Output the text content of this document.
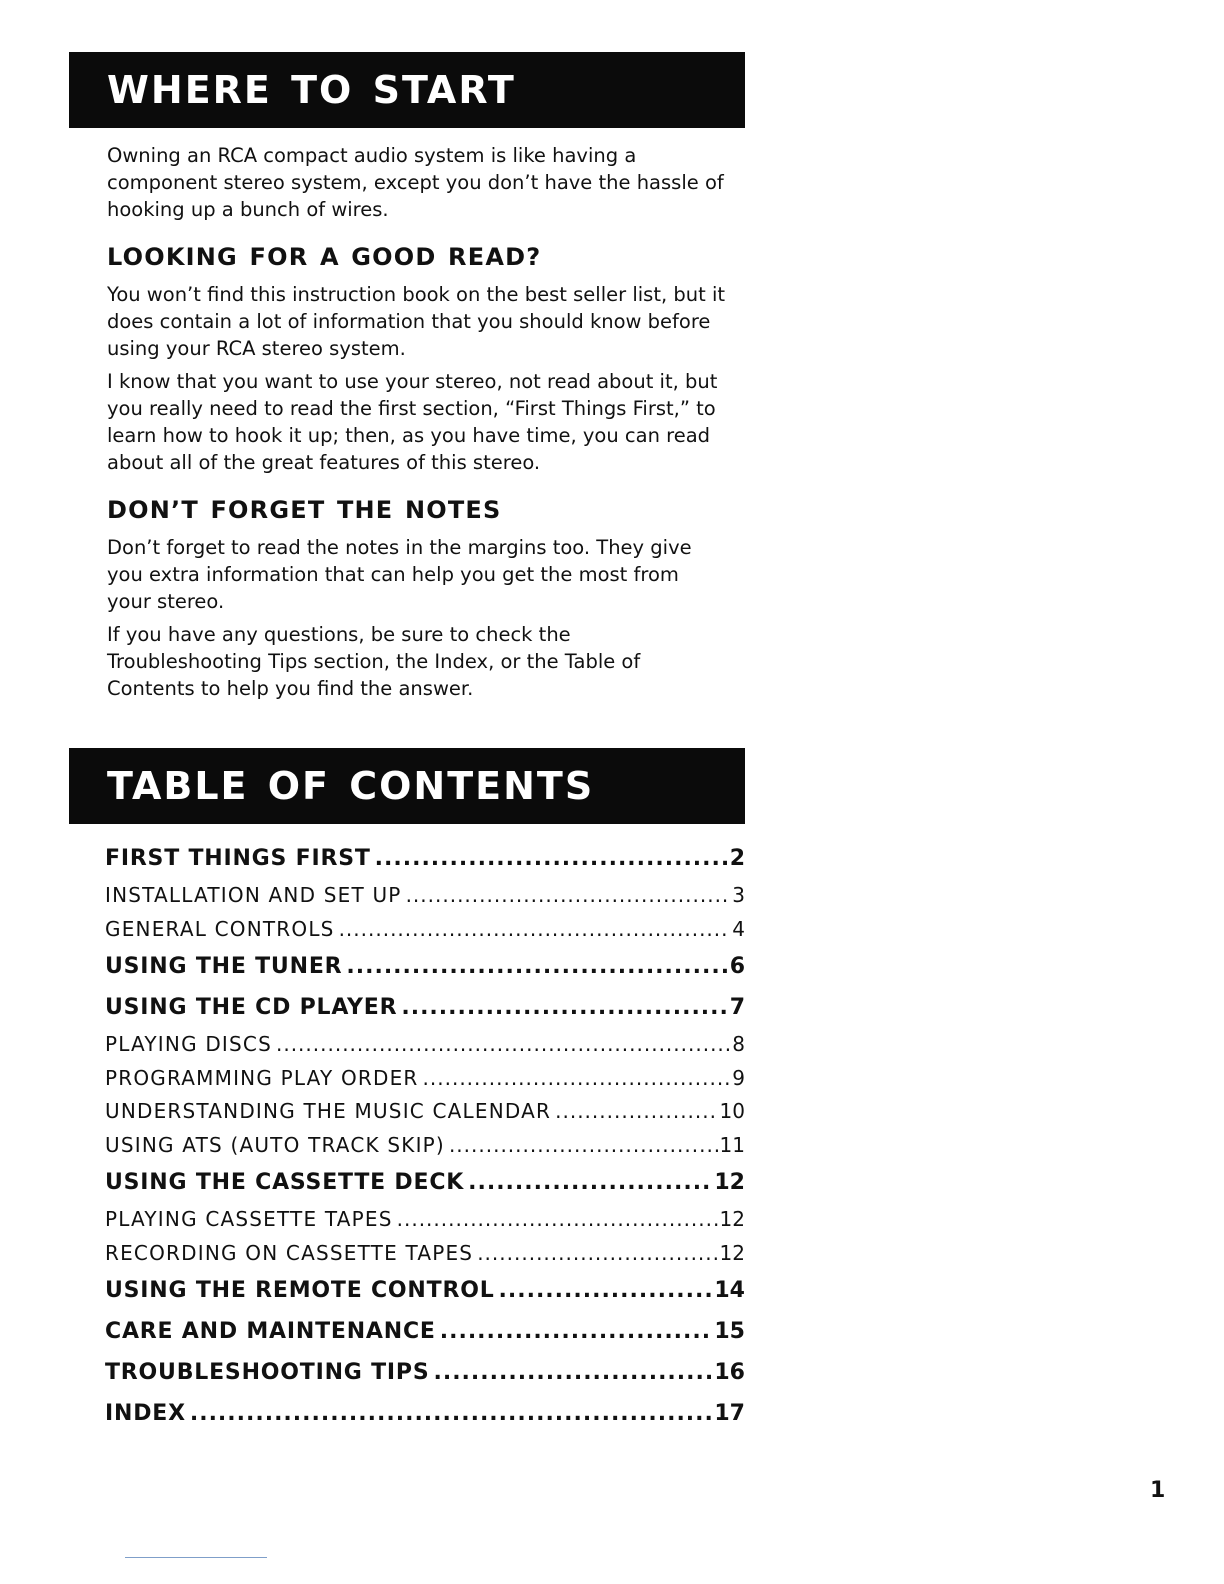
WHERE TO START

Owning an RCA compact audio system is like having a component stereo system, except you don’t have the hassle of hooking up a bunch of wires.

LOOKING FOR A GOOD READ?

You won’t find this instruction book on the best seller list, but it does contain a lot of information that you should know before using your RCA stereo system.

I know that you want to use your stereo, not read about it, but you really need to read the first section, “First Things First,” to learn how to hook it up; then, as you have time, you can read about all of the great features of this stereo.

DON’T FORGET THE NOTES

Don’t forget to read the notes in the margins too. They give you extra information that can help you get the most from your stereo.

If you have any questions, be sure to check the Troubleshooting Tips section, the Index, or the Table of Contents to help you find the answer.

TABLE OF CONTENTS
FIRST THINGS FIRST .....	2
INSTALLATION AND SET UP .....	3
GENERAL CONTROLS .....	4
USING THE TUNER .....	6
USING THE CD PLAYER .....	7
PLAYING DISCS .....	8
PROGRAMMING PLAY ORDER .....	9
UNDERSTANDING THE MUSIC CALENDAR .....	10
USING ATS (AUTO TRACK SKIP) .....	11
USING THE CASSETTE DECK .....	12
PLAYING CASSETTE TAPES .....	12
RECORDING ON CASSETTE TAPES .....	12
USING THE REMOTE CONTROL .....	14
CARE AND MAINTENANCE .....	15
TROUBLESHOOTING TIPS .....	16
INDEX .....	17
1
